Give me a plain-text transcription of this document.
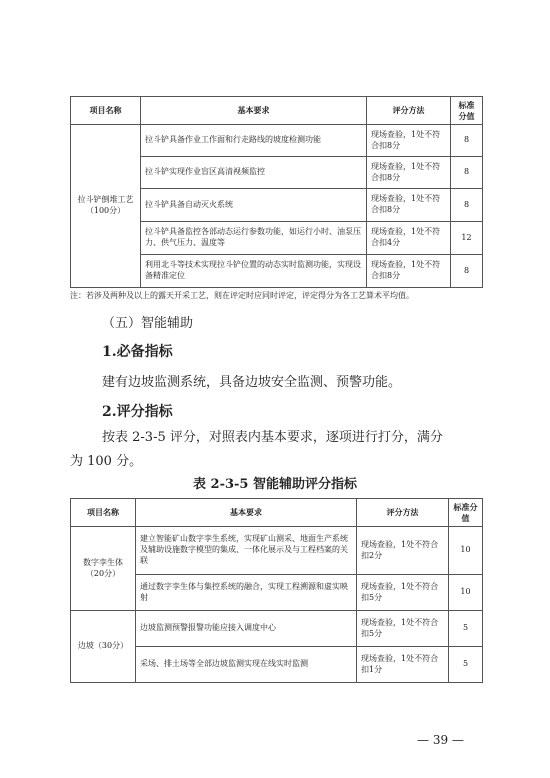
项目名称	基本要求	评分方法	标准分值
拉斗铲倒堆工艺（100分）	拉斗铲具备作业工作面和行走路线的坡度检测功能	现场查验，1处不符合扣8分	8
	拉斗铲实现作业盲区高清视频监控	现场查验，1处不符合扣8分	8
	拉斗铲具备自动灭火系统	现场查验，1处不符合扣8分	8
	拉斗铲具备监控各部动态运行参数功能，如运行小时、油泵压力、供气压力、温度等	现场查验，1处不符合扣4分	12
	利用北斗等技术实现拉斗铲位置的动态实时监测功能，实现设备精准定位	现场查验，1处不符合扣8分	8
注：若涉及两种及以上的露天开采工艺，则在评定时应同时评定，评定得分为各工艺算术平均值。
（五）智能辅助
1.必备指标
建有边坡监测系统，具备边坡安全监测、预警功能。
2.评分指标
按表 2-3-5 评分，对照表内基本要求，逐项进行打分，满分
为 100 分。
表 2-3-5 智能辅助评分指标
项目名称	基本要求	评分方法	标准分值
数字孪生体（20分）	建立智能矿山数字孪生系统，实现矿山测采、地面生产系统及辅助设施数字模型的集成、一体化展示及与工程档案的关联	现场查验，1处不符合扣2分	10
	通过数字孪生体与集控系统的融合，实现工程溯源和虚实映射	现场查验，1处不符合扣5分	10
边坡（30分）	边坡监测预警报警功能应接入调度中心	现场查验，1处不符合扣5分	5
	采场、排土场等全部边坡监测实现在线实时监测	现场查验，1处不符合扣1分	5
— 39 —
